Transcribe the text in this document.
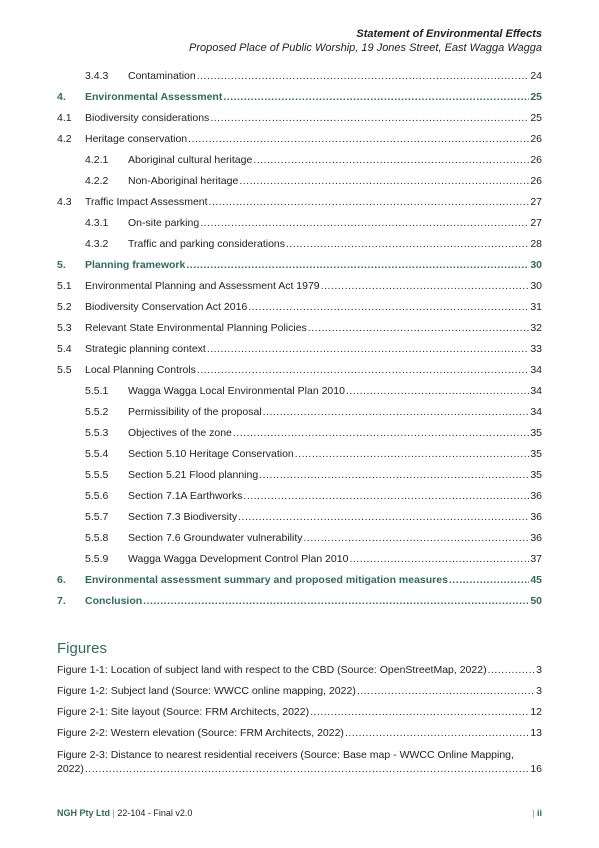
Statement of Environmental Effects
Proposed Place of Public Worship, 19 Jones Street, East Wagga Wagga
3.4.3 Contamination .....	24
4. Environmental Assessment .....	25
4.1 Biodiversity considerations .....	25
4.2 Heritage conservation .....	26
4.2.1 Aboriginal cultural heritage .....	26
4.2.2 Non-Aboriginal heritage .....	26
4.3 Traffic Impact Assessment .....	27
4.3.1 On-site parking .....	27
4.3.2 Traffic and parking considerations .....	28
5. Planning framework .....	30
5.1 Environmental Planning and Assessment Act 1979 .....	30
5.2 Biodiversity Conservation Act 2016 .....	31
5.3 Relevant State Environmental Planning Policies .....	32
5.4 Strategic planning context .....	33
5.5 Local Planning Controls .....	34
5.5.1 Wagga Wagga Local Environmental Plan 2010 .....	34
5.5.2 Permissibility of the proposal .....	34
5.5.3 Objectives of the zone .....	35
5.5.4 Section 5.10 Heritage Conservation .....	35
5.5.5 Section 5.21 Flood planning .....	35
5.5.6 Section 7.1A Earthworks .....	36
5.5.7 Section 7.3 Biodiversity .....	36
5.5.8 Section 7.6 Groundwater vulnerability .....	36
5.5.9 Wagga Wagga Development Control Plan 2010 .....	37
6. Environmental assessment summary and proposed mitigation measures .....	45
7. Conclusion .....	50
Figures
Figure 1-1: Location of subject land with respect to the CBD (Source: OpenStreetMap, 2022) .....	3
Figure 1-2: Subject land (Source: WWCC online mapping, 2022) .....	3
Figure 2-1: Site layout (Source: FRM Architects, 2022) .....	12
Figure 2-2: Western elevation (Source: FRM Architects, 2022) .....	13
Figure 2-3: Distance to nearest residential receivers (Source: Base map - WWCC Online Mapping,
2022) .....	16
NGH Pty Ltd | 22-104 - Final v2.0	| ii
